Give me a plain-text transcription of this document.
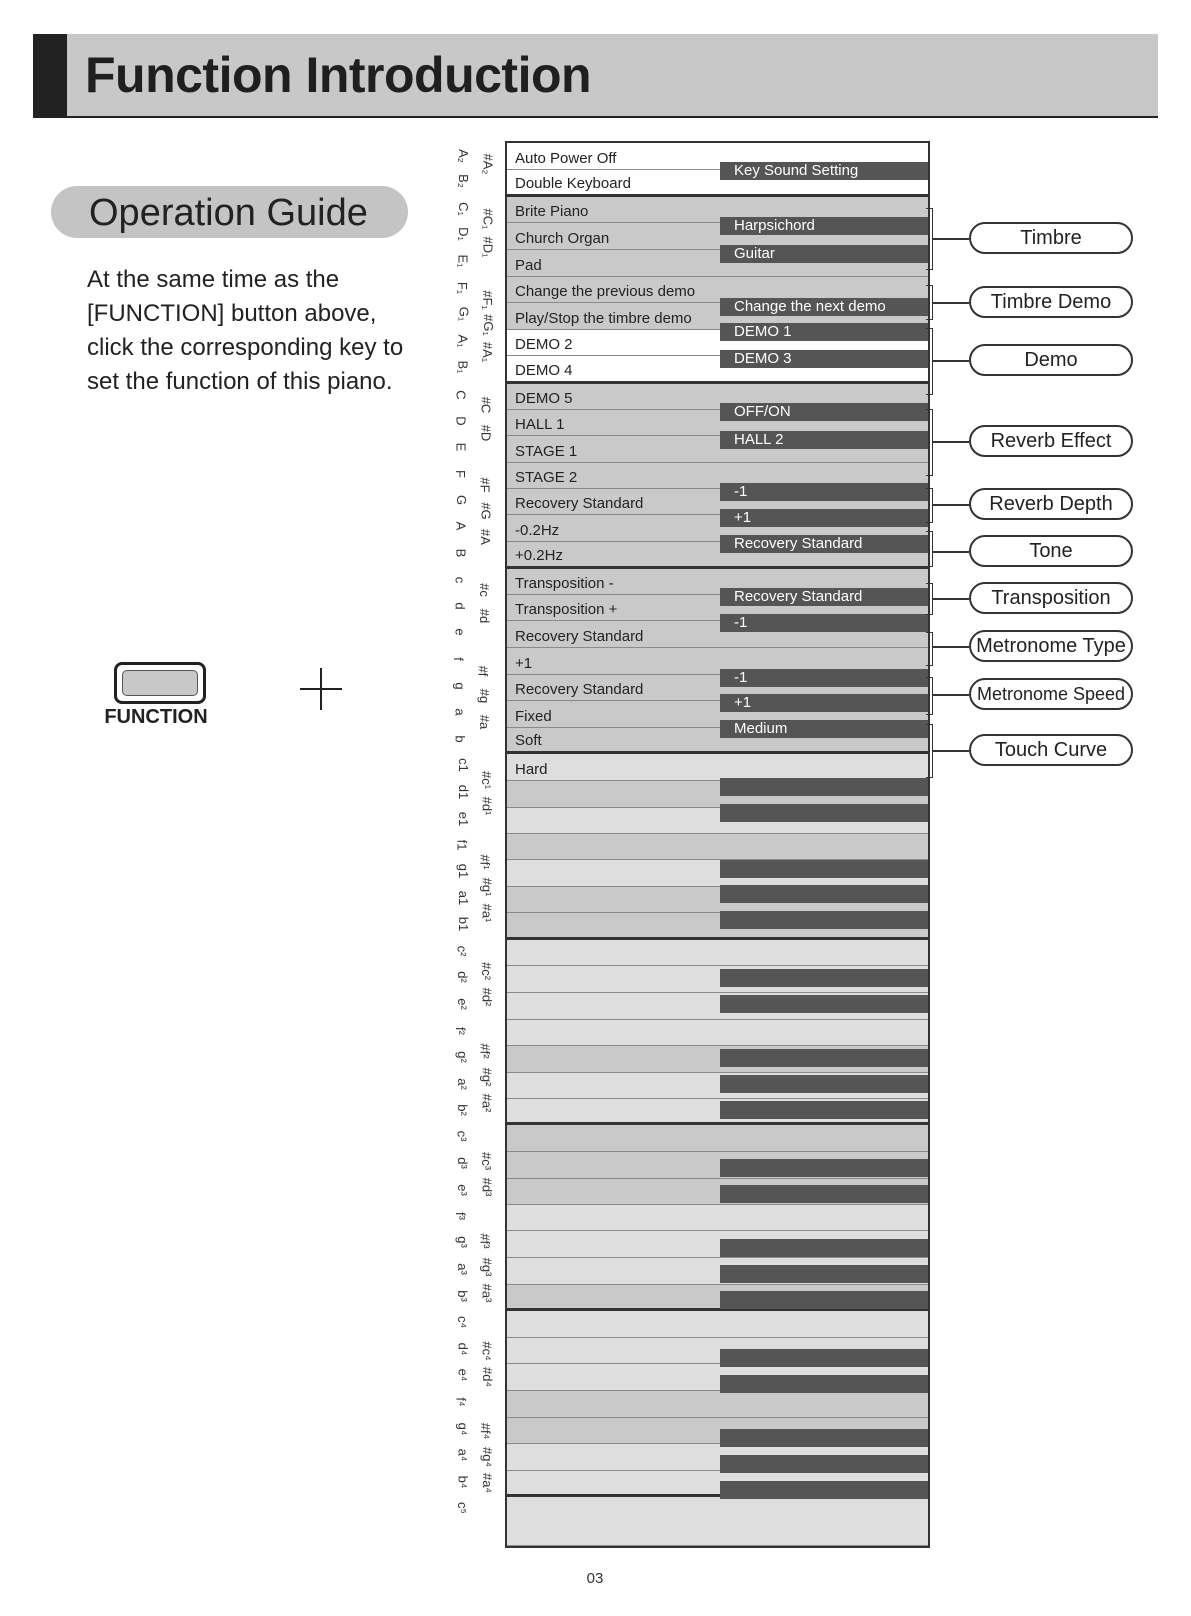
Function Introduction
Operation Guide

At the same time as the [FUNCTION] button above, click the corresponding key to set the function of this piano.

FUNCTION
A₂
B₂
C₁
D₁
E₁
F₁
G₁
A₁
B₁
C
D
E
F
G
A
B
c
d
e
f
g
a
b
c1
d1
e1
f1
g1
a1
b1
c²
d²
e²
f²
g²
a²
b²
c³
d³
e³
f³
g³
a³
b³
c⁴
d⁴
e⁴
f⁴
g⁴
a⁴
b⁴
c⁵
#A₂
#C₁
#D₁
#F₁
#G₁
#A₁
#C
#D
#F
#G
#A
#c
#d
#f
#g
#a
#c¹
#d¹
#f¹
#g¹
#a¹
#c²
#d²
#f²
#g²
#a²
#c³
#d³
#f³
#g³
#a³
#c⁴
#d⁴
#f⁴
#g⁴
#a⁴
Auto Power Off
Double Keyboard
Brite Piano
Church Organ
Pad
Change the previous demo
Play/Stop the timbre demo
DEMO 2
DEMO 4
DEMO 5
HALL 1
STAGE 1
STAGE 2
Recovery Standard
-0.2Hz
+0.2Hz
Transposition -
Transposition +
Recovery Standard
+1
Recovery Standard
Fixed
Soft
Hard
Key Sound Setting
Harpsichord
Guitar
Change the next demo
DEMO 1
DEMO 3
OFF/ON
HALL 2
-1
+1
Recovery Standard
Recovery Standard
-1
-1
+1
Medium
Timbre
Timbre Demo
Demo
Reverb Effect
Reverb Depth
Tone
Transposition
Metronome Type
Metronome Speed
Touch Curve
03
